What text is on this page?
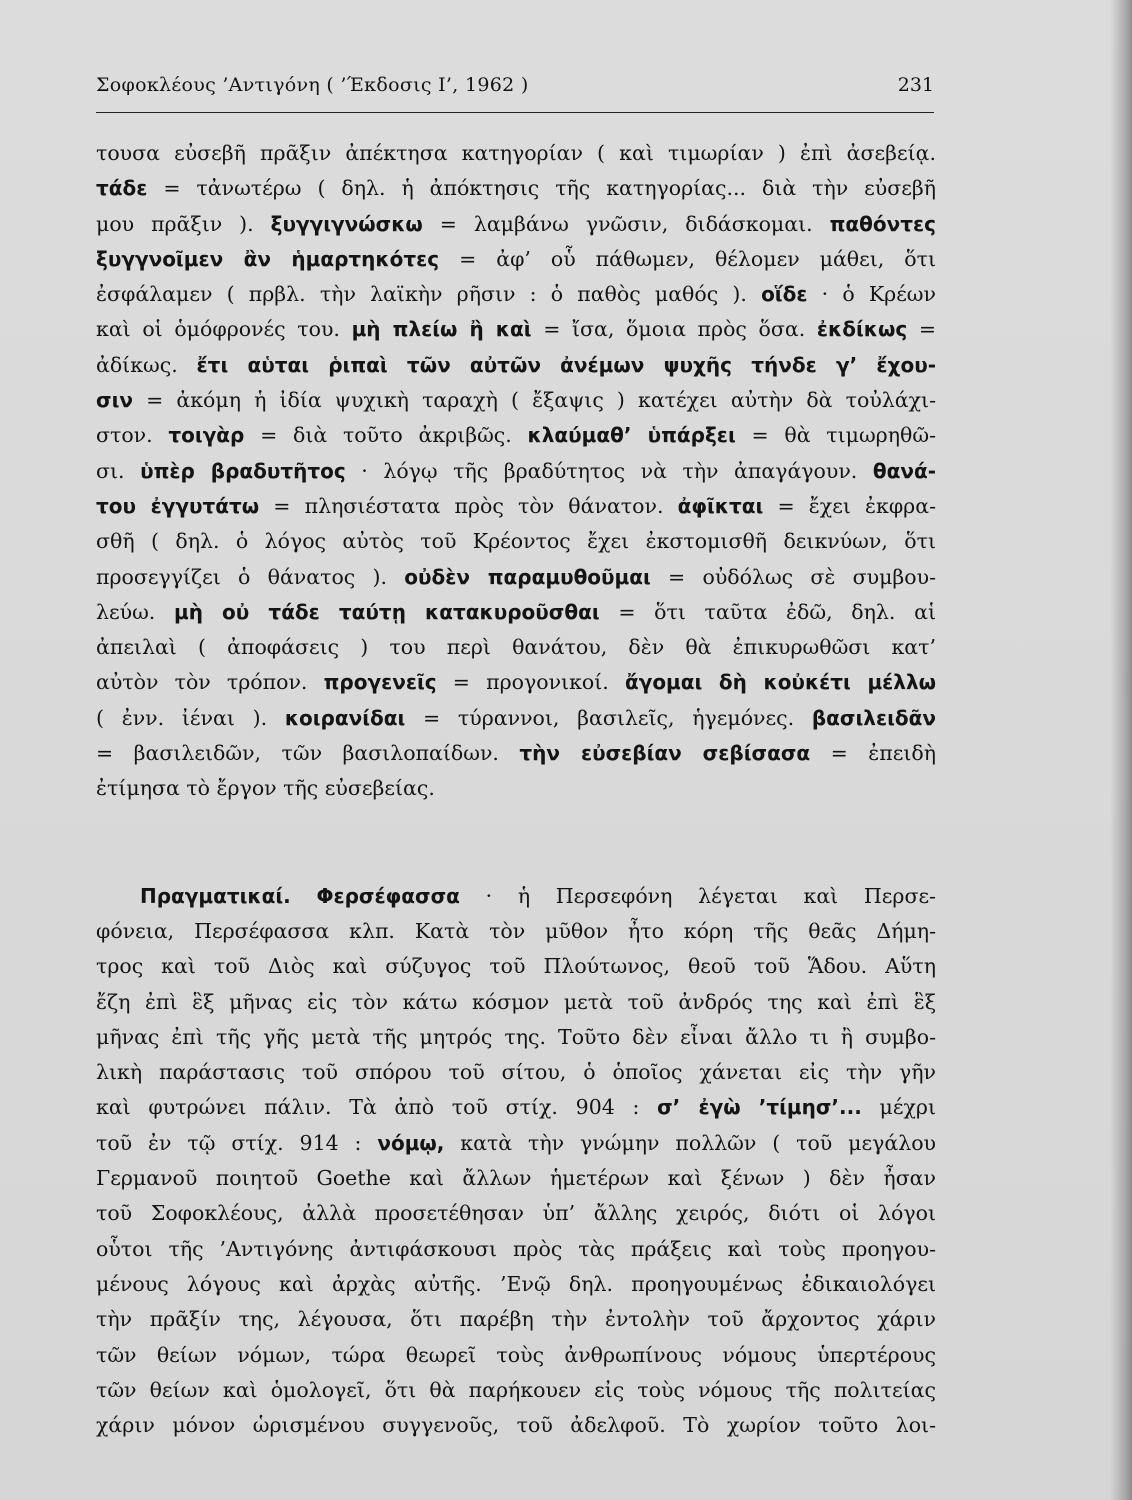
Σοφοκλέους ’Αντιγόνη ( ’Έκδοσις Ι’, 1962 )	231
τουσα εὐσεβῆ πρᾶξιν ἀπέκτησα κατηγορίαν ( καὶ τιμωρίαν ) ἐπὶ ἀσεβείᾳ.
τάδε = τἀνωτέρω ( δηλ. ἡ ἀπόκτησις τῆς κατηγορίας... διὰ τὴν εὐσεβῆ
μου πρᾶξιν ). ξυγγιγνώσκω = λαμβάνω γνῶσιν, διδάσκομαι. παθόντες
ξυγγνοῖμεν ἂν ἡμαρτηκότες = ἀφ’ οὗ πάθωμεν, θέλομεν μάθει, ὅτι
ἐσφάλαμεν ( πρβλ. τὴν λαϊκὴν ρῆσιν : ὁ παθὸς μαθός ). οἵδε · ὁ Κρέων
καὶ οἱ ὁμόφρονές του. μὴ πλείω ἢ καὶ = ἴσα, ὅμοια πρὸς ὅσα. ἐκδίκως =
ἀδίκως. ἔτι αὑται ῥιπαὶ τῶν αὐτῶν ἀνέμων ψυχῆς τήνδε γ’ ἔχου-
σιν = ἀκόμη ἡ ἰδία ψυχικὴ ταραχὴ ( ἔξαψις ) κατέχει αὐτὴν δὰ τοὐλάχι-
στον. τοιγὰρ = διὰ τοῦτο ἀκριβῶς. κλαύμαθ’ ὑπάρξει = θὰ τιμωρηθῶ-
σι. ὑπὲρ βραδυτῆτος · λόγῳ τῆς βραδύτητος νὰ τὴν ἀπαγάγουν. θανά-
του ἐγγυτάτω = πλησιέστατα πρὸς τὸν θάνατον. ἀφῖκται = ἔχει ἐκφρα-
σθῆ ( δηλ. ὁ λόγος αὐτὸς τοῦ Κρέοντος ἔχει ἐκστομισθῆ δεικνύων, ὅτι
προσεγγίζει ὁ θάνατος ). οὐδὲν παραμυθοῦμαι = οὐδόλως σὲ συμβου-
λεύω. μὴ οὐ τάδε ταύτῃ κατακυροῦσθαι = ὅτι ταῦτα ἐδῶ, δηλ. αἱ
ἀπειλαὶ ( ἀποφάσεις ) του περὶ θανάτου, δὲν θὰ ἐπικυρωθῶσι κατ’
αὐτὸν τὸν τρόπον. προγενεῖς = προγονικοί. ἄγομαι δὴ κοὐκέτι μέλλω
( ἐνν. ἰέναι ). κοιρανίδαι = τύραννοι, βασιλεῖς, ἡγεμόνες. βασιλειδᾶν
= βασιλειδῶν, τῶν βασιλοπαίδων. τὴν εὐσεβίαν σεβίσασα = ἐπειδὴ
ἐτίμησα τὸ ἔργον τῆς εὐσεβείας.
Πραγματικαί. Φερσέφασσα · ἡ Περσεφόνη λέγεται καὶ Περσε-
φόνεια, Περσέφασσα κλπ. Κατὰ τὸν μῦθον ἦτο κόρη τῆς θεᾶς Δήμη-
τρος καὶ τοῦ Διὸς καὶ σύζυγος τοῦ Πλούτωνος, θεοῦ τοῦ Ἅδου. Αὕτη
ἔζη ἐπὶ ἓξ μῆνας εἰς τὸν κάτω κόσμον μετὰ τοῦ ἀνδρός της καὶ ἐπὶ ἓξ
μῆνας ἐπὶ τῆς γῆς μετὰ τῆς μητρός της. Τοῦτο δὲν εἶναι ἄλλο τι ἢ συμβο-
λικὴ παράστασις τοῦ σπόρου τοῦ σίτου, ὁ ὁποῖος χάνεται εἰς τὴν γῆν
καὶ φυτρώνει πάλιν. Τὰ ἀπὸ τοῦ στίχ. 904 : σ’ ἐγὼ ’τίμησ’... μέχρι
τοῦ ἐν τῷ στίχ. 914 : νόμῳ, κατὰ τὴν γνώμην πολλῶν ( τοῦ μεγάλου
Γερμανοῦ ποιητοῦ Goethe καὶ ἄλλων ἡμετέρων καὶ ξένων ) δὲν ἦσαν
τοῦ Σοφοκλέους, ἀλλὰ προσετέθησαν ὑπ’ ἄλλης χειρός, διότι οἱ λόγοι
οὗτοι τῆς ’Αντιγόνης ἀντιφάσκουσι πρὸς τὰς πράξεις καὶ τοὺς προηγου-
μένους λόγους καὶ ἀρχὰς αὐτῆς. ’Ενῷ δηλ. προηγουμένως ἐδικαιολόγει
τὴν πρᾶξίν της, λέγουσα, ὅτι παρέβη τὴν ἐντολὴν τοῦ ἄρχοντος χάριν
τῶν θείων νόμων, τώρα θεωρεῖ τοὺς ἀνθρωπίνους νόμους ὑπερτέρους
τῶν θείων καὶ ὁμολογεῖ, ὅτι θὰ παρήκουεν εἰς τοὺς νόμους τῆς πολιτείας
χάριν μόνον ὡρισμένου συγγενοῦς, τοῦ ἀδελφοῦ. Τὸ χωρίον τοῦτο λοι-
